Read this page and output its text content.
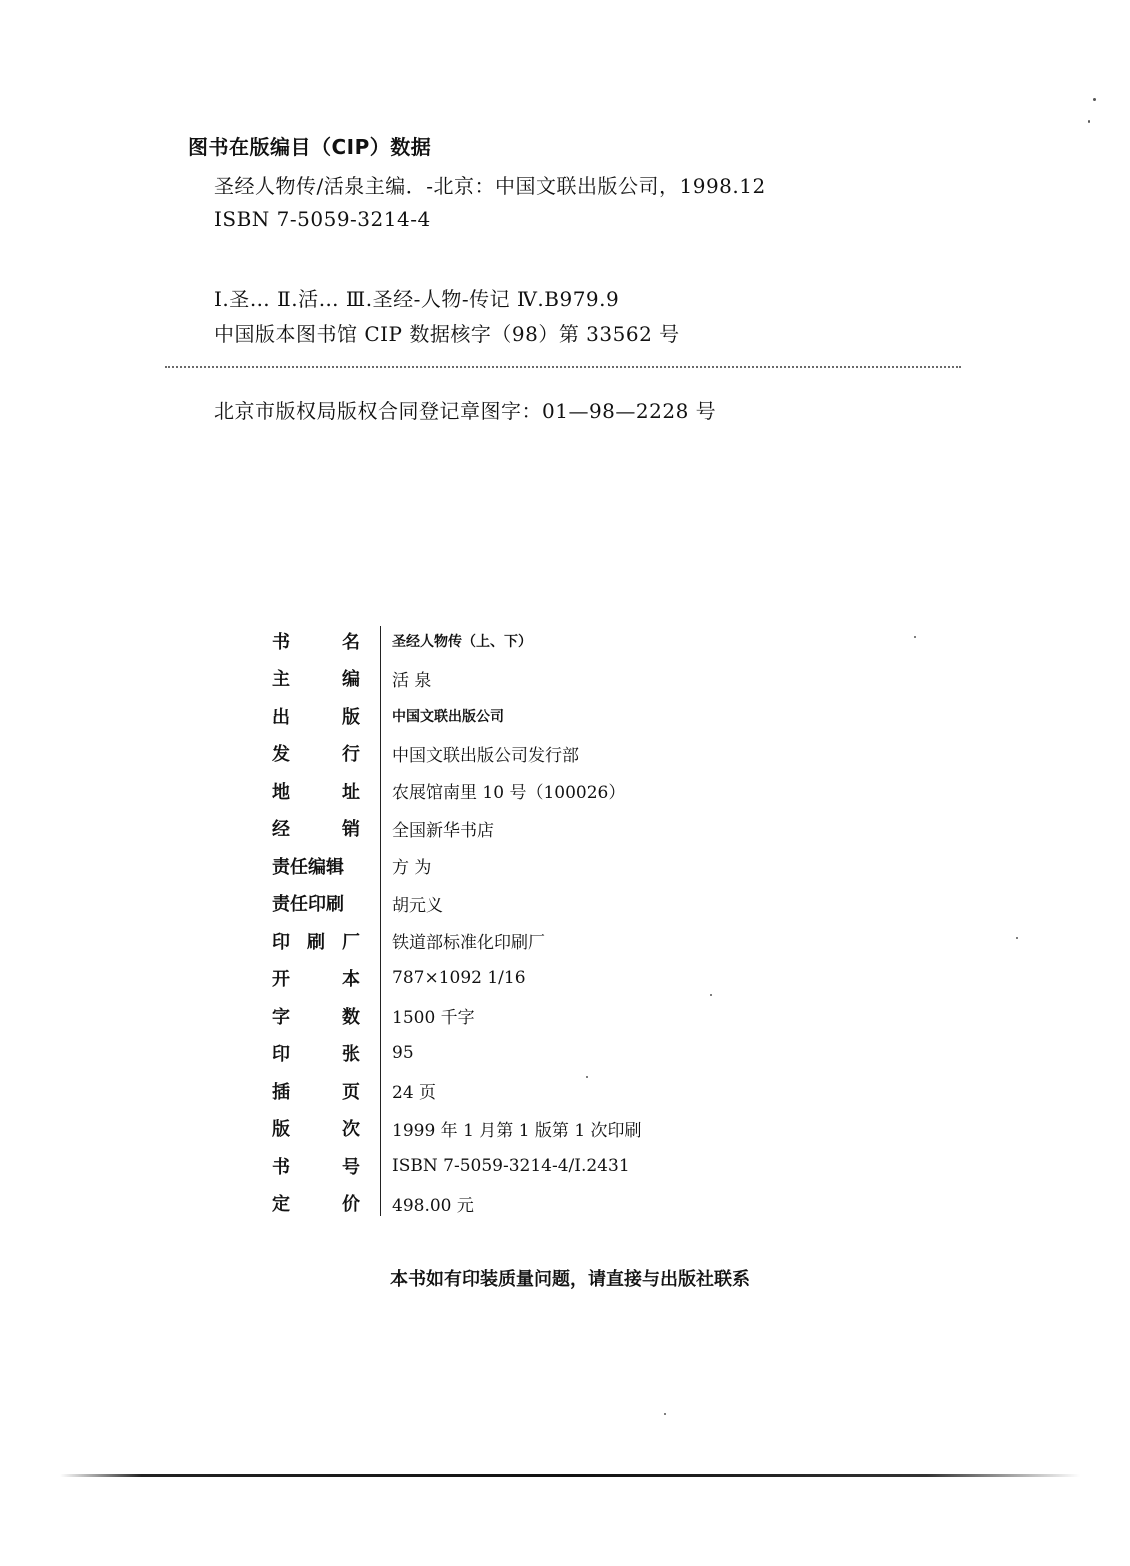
图书在版编目（CIP）数据
圣经人物传/活泉主编．-北京：中国文联出版公司，1998.12
ISBN 7-5059-3214-4
Ⅰ.圣… Ⅱ.活… Ⅲ.圣经-人物-传记 Ⅳ.B979.9
中国版本图书馆 CIP 数据核字（98）第 33562 号
北京市版权局版权合同登记章图字：01—98—2228 号
书	名 圣经人物传（上、下）
主	编 活 泉
出	版 中国文联出版公司
发	行 中国文联出版公司发行部
地	址 农展馆南里 10 号（100026）
经	销 全国新华书店
责任编辑	方 为
责任印刷	胡元义
印 刷 厂 铁道部标准化印刷厂
开	本 787×1092 1/16
字	数 1500 千字
印	张 95
插	页 24 页
版	次 1999 年 1 月第 1 版第 1 次印刷
书	号 ISBN 7-5059-3214-4/I.2431
定	价 498.00 元
本书如有印装质量问题，请直接与出版社联系
